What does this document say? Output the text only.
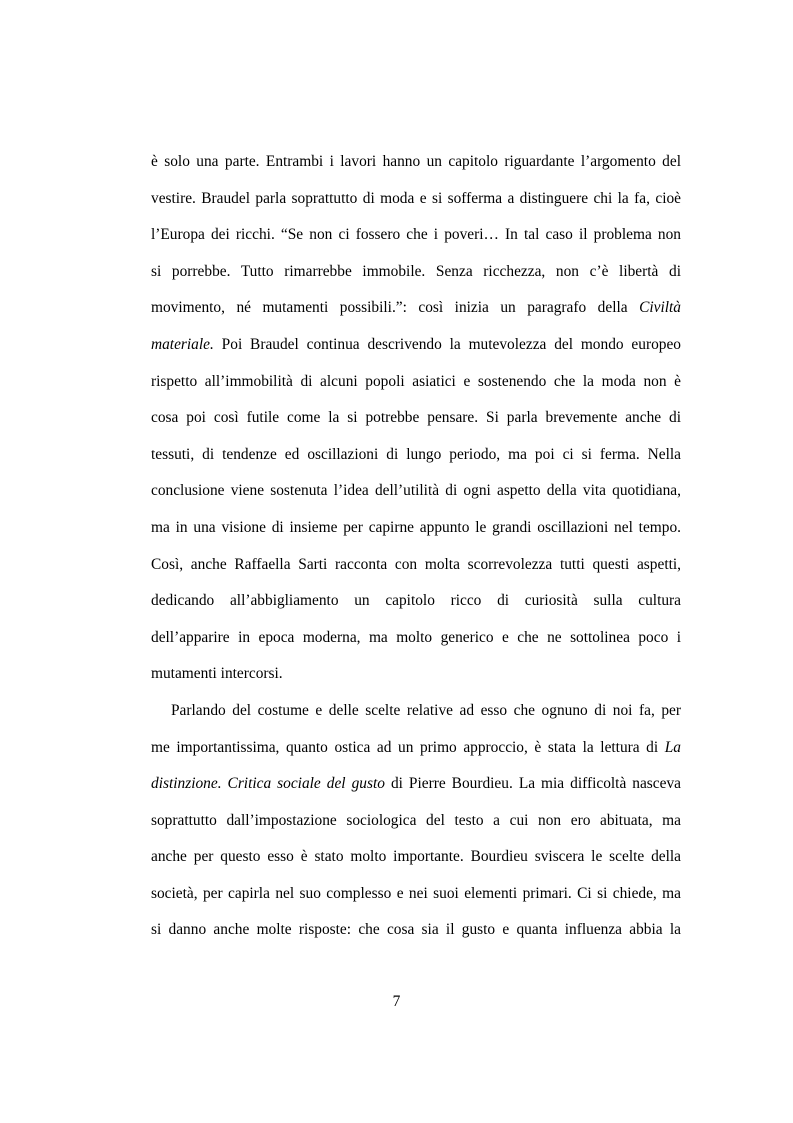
è solo una parte. Entrambi i lavori hanno un capitolo riguardante l’argomento del
vestire. Braudel parla soprattutto di moda e si sofferma a distinguere chi la fa, cioè
l’Europa dei ricchi. “Se non ci fossero che i poveri… In tal caso il problema non
si porrebbe. Tutto rimarrebbe immobile. Senza ricchezza, non c’è libertà di
movimento, né mutamenti possibili.”: così inizia un paragrafo della Civiltà
materiale. Poi Braudel continua descrivendo la mutevolezza del mondo europeo
rispetto all’immobilità di alcuni popoli asiatici e sostenendo che la moda non è
cosa poi così futile come la si potrebbe pensare. Si parla brevemente anche di
tessuti, di tendenze ed oscillazioni di lungo periodo, ma poi ci si ferma. Nella
conclusione viene sostenuta l’idea dell’utilità di ogni aspetto della vita quotidiana,
ma in una visione di insieme per capirne appunto le grandi oscillazioni nel tempo.
Così, anche Raffaella Sarti racconta con molta scorrevolezza tutti questi aspetti,
dedicando all’abbigliamento un capitolo ricco di curiosità sulla cultura
dell’apparire in epoca moderna, ma molto generico e che ne sottolinea poco i
mutamenti intercorsi.
Parlando del costume e delle scelte relative ad esso che ognuno di noi fa, per
me importantissima, quanto ostica ad un primo approccio, è stata la lettura di La
distinzione. Critica sociale del gusto di Pierre Bourdieu. La mia difficoltà nasceva
soprattutto dall’impostazione sociologica del testo a cui non ero abituata, ma
anche per questo esso è stato molto importante. Bourdieu sviscera le scelte della
società, per capirla nel suo complesso e nei suoi elementi primari. Ci si chiede, ma
si danno anche molte risposte: che cosa sia il gusto e quanta influenza abbia la
7
